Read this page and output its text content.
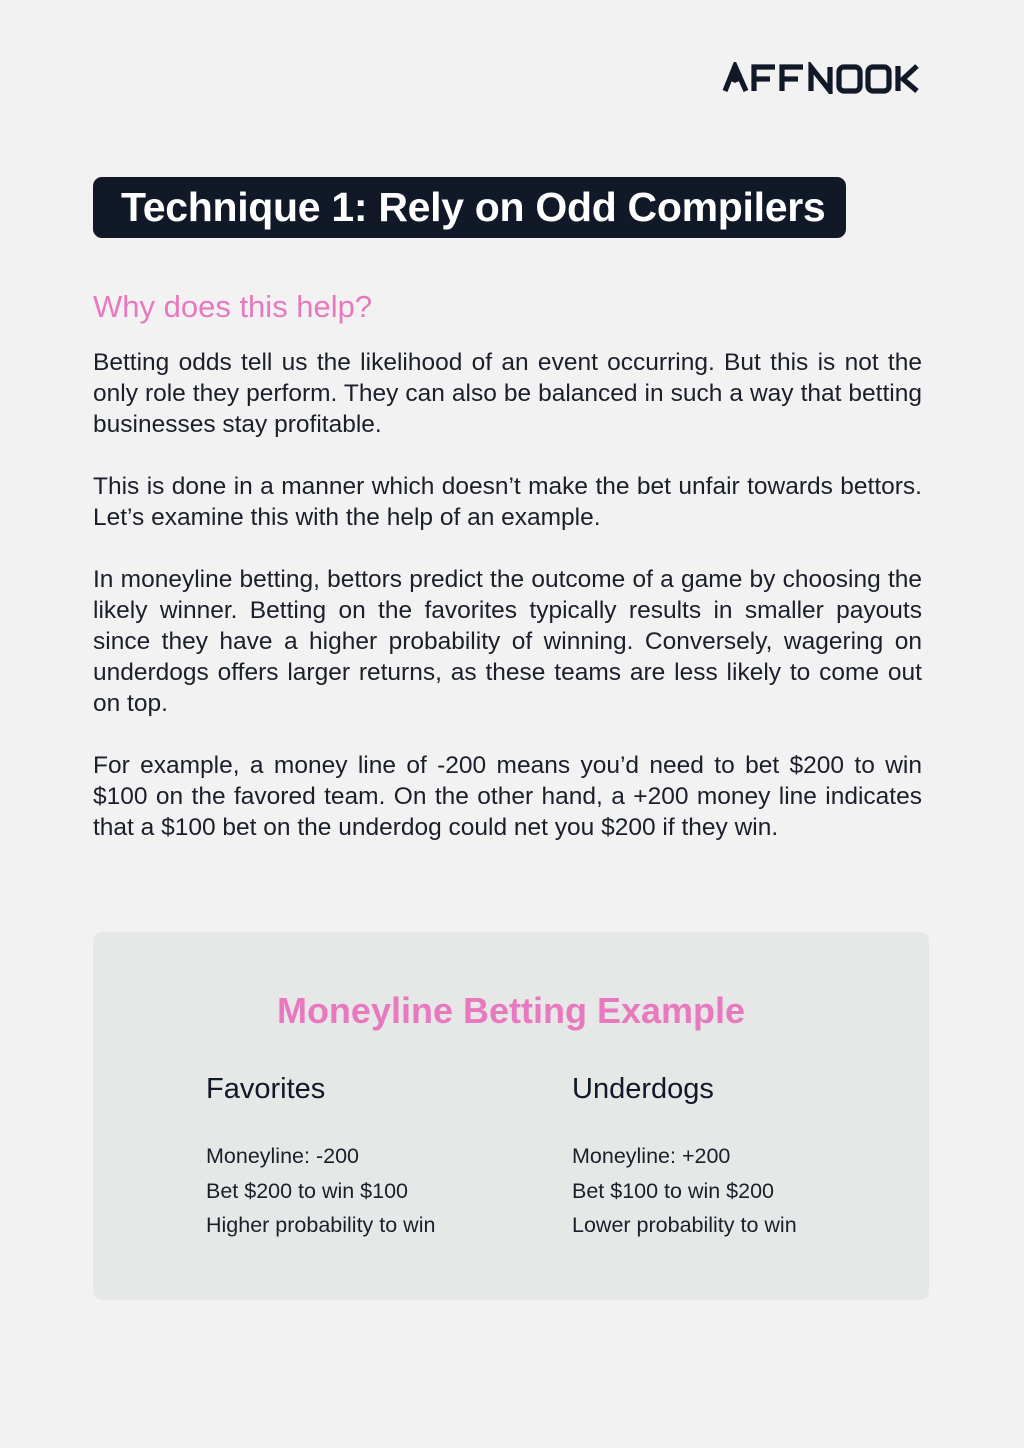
Technique 1: Rely on Odd Compilers
Why does this help?

Betting odds tell us the likelihood of an event occurring. But this is not the only role they perform. They can also be balanced in such a way that betting businesses stay profitable.

This is done in a manner which doesn’t make the bet unfair towards bettors. Let’s examine this with the help of an example.

In moneyline betting, bettors predict the outcome of a game by choosing the likely winner. Betting on the favorites typically results in smaller payouts since they have a higher probability of winning. Conversely, wagering on underdogs offers larger returns, as these teams are less likely to come out on top.

For example, a money line of -200 means you’d need to bet $200 to win $100 on the favored team. On the other hand, a +200 money line indicates that a $100 bet on the underdog could net you $200 if they win.

Moneyline Betting Example
Favorites
Moneyline: -200
Bet $200 to win $100
Higher probability to win
Underdogs
Moneyline: +200
Bet $100 to win $200
Lower probability to win
